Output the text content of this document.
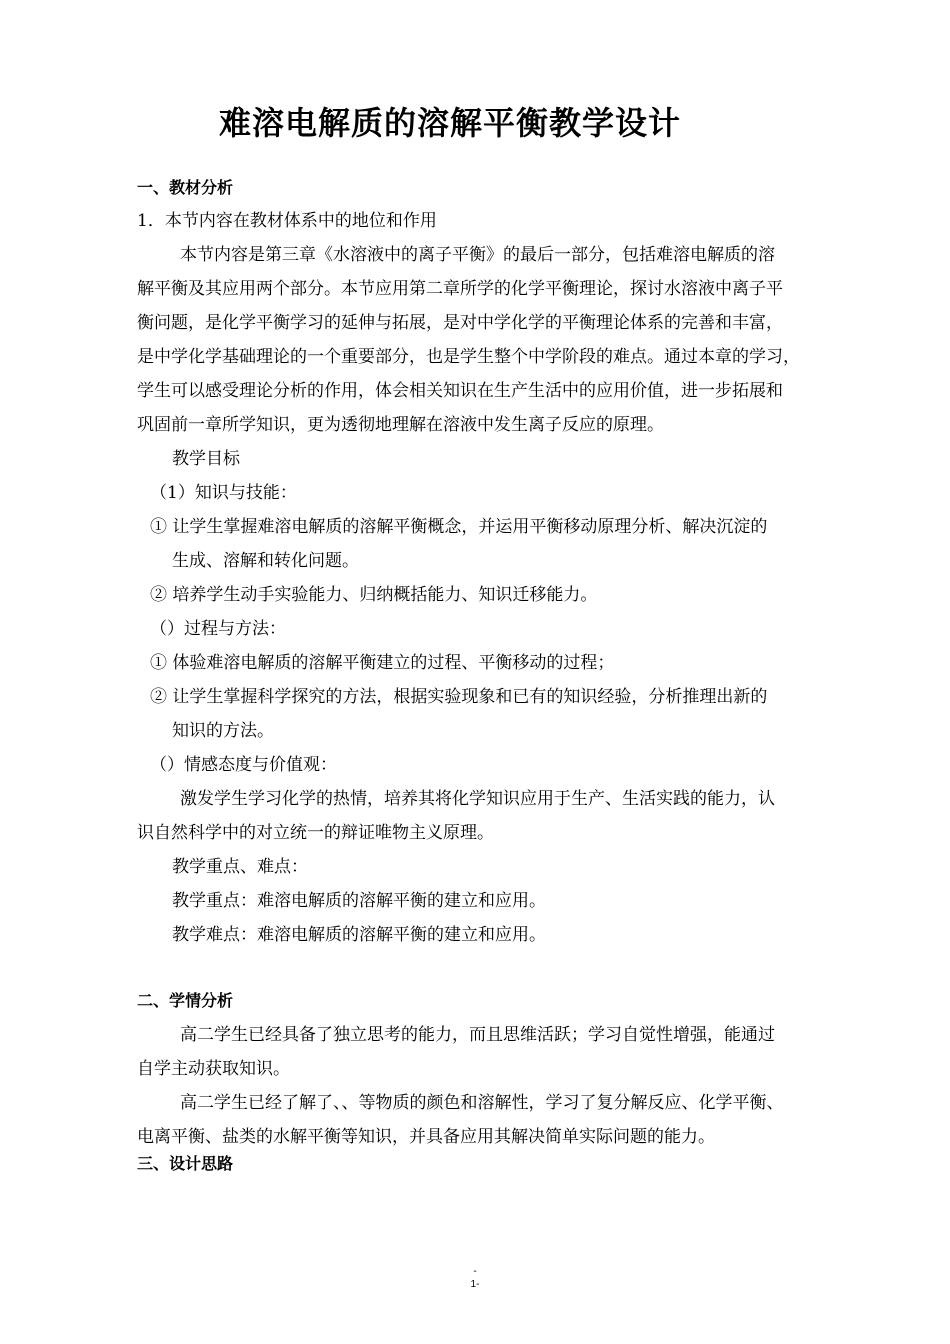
难溶电解质的溶解平衡教学设计
一、教材分析
1．本节内容在教材体系中的地位和作用
本节内容是第三章《水溶液中的离子平衡》的最后一部分，包括难溶电解质的溶
解平衡及其应用两个部分。本节应用第二章所学的化学平衡理论，探讨水溶液中离子平
衡问题，是化学平衡学习的延伸与拓展，是对中学化学的平衡理论体系的完善和丰富，
是中学化学基础理论的一个重要部分，也是学生整个中学阶段的难点。通过本章的学习，
学生可以感受理论分析的作用，体会相关知识在生产生活中的应用价值，进一步拓展和
巩固前一章所学知识，更为透彻地理解在溶液中发生离子反应的原理。
教学目标
（1）知识与技能：
① 让学生掌握难溶电解质的溶解平衡概念，并运用平衡移动原理分析、解决沉淀的
生成、溶解和转化问题。
② 培养学生动手实验能力、归纳概括能力、知识迁移能力。
（）过程与方法：
① 体验难溶电解质的溶解平衡建立的过程、平衡移动的过程；
② 让学生掌握科学探究的方法，根据实验现象和已有的知识经验，分析推理出新的
知识的方法。
（）情感态度与价值观：
激发学生学习化学的热情，培养其将化学知识应用于生产、生活实践的能力，认
识自然科学中的对立统一的辩证唯物主义原理。
教学重点、难点：
教学重点：难溶电解质的溶解平衡的建立和应用。
教学难点：难溶电解质的溶解平衡的建立和应用。
二、学情分析
高二学生已经具备了独立思考的能力，而且思维活跃；学习自觉性增强，能通过
自学主动获取知识。
高二学生已经了解了、、等物质的颜色和溶解性，学习了复分解反应、化学平衡、
电离平衡、盐类的水解平衡等知识，并具备应用其解决简单实际问题的能力。
三、设计思路
-
1-
